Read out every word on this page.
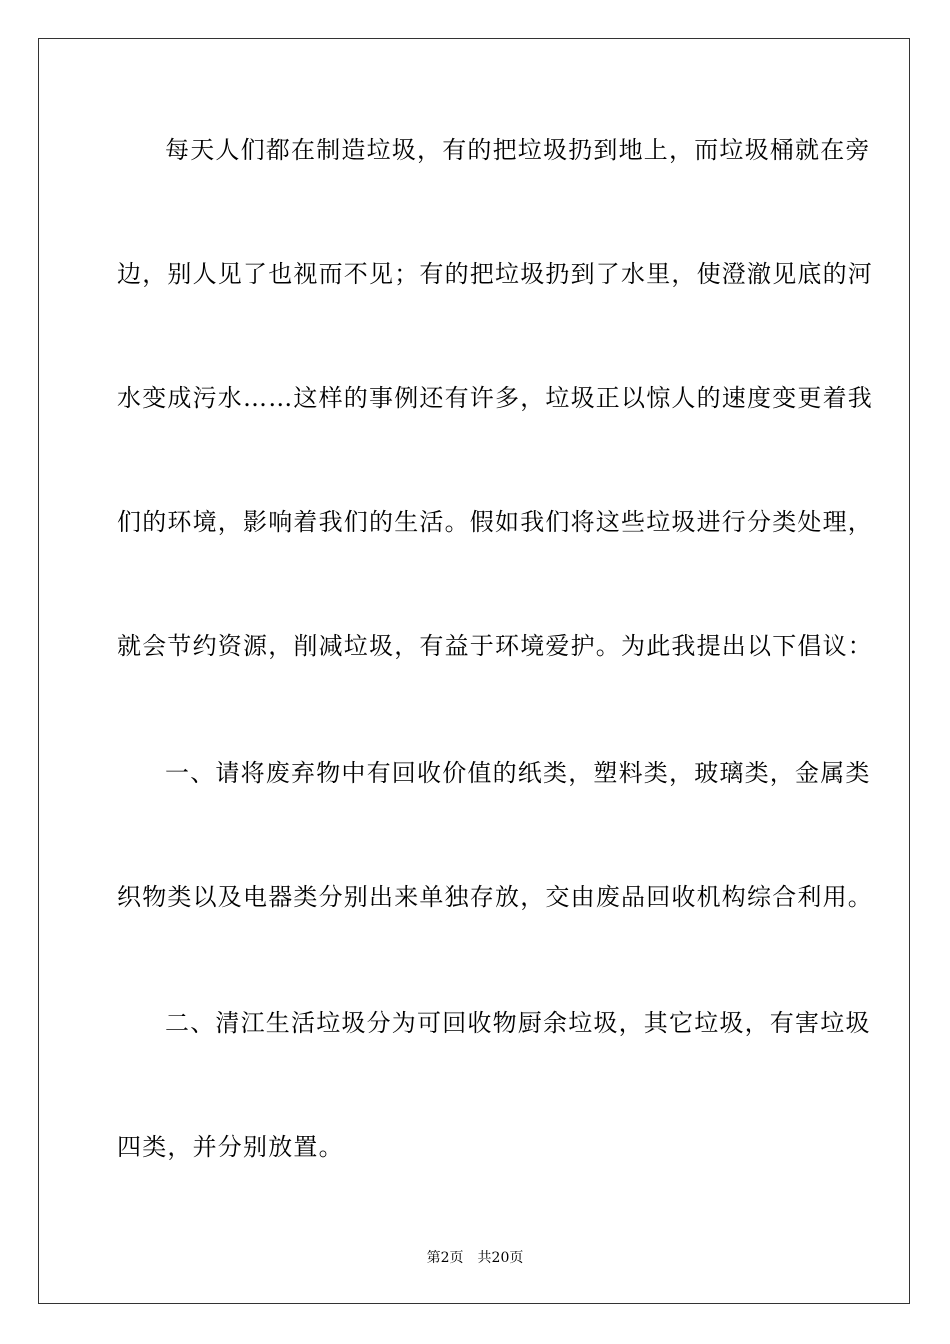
每天人们都在制造垃圾，有的把垃圾扔到地上，而垃圾桶就在旁
边，别人见了也视而不见；有的把垃圾扔到了水里，使澄澈见底的河
水变成污水……这样的事例还有许多，垃圾正以惊人的速度变更着我
们的环境，影响着我们的生活。假如我们将这些垃圾进行分类处理，
就会节约资源，削减垃圾，有益于环境爱护。为此我提出以下倡议：
一、请将废弃物中有回收价值的纸类，塑料类，玻璃类，金属类
织物类以及电器类分别出来单独存放，交由废品回收机构综合利用。
二、清江生活垃圾分为可回收物厨余垃圾，其它垃圾，有害垃圾
四类，并分别放置。
第2页 共20页
